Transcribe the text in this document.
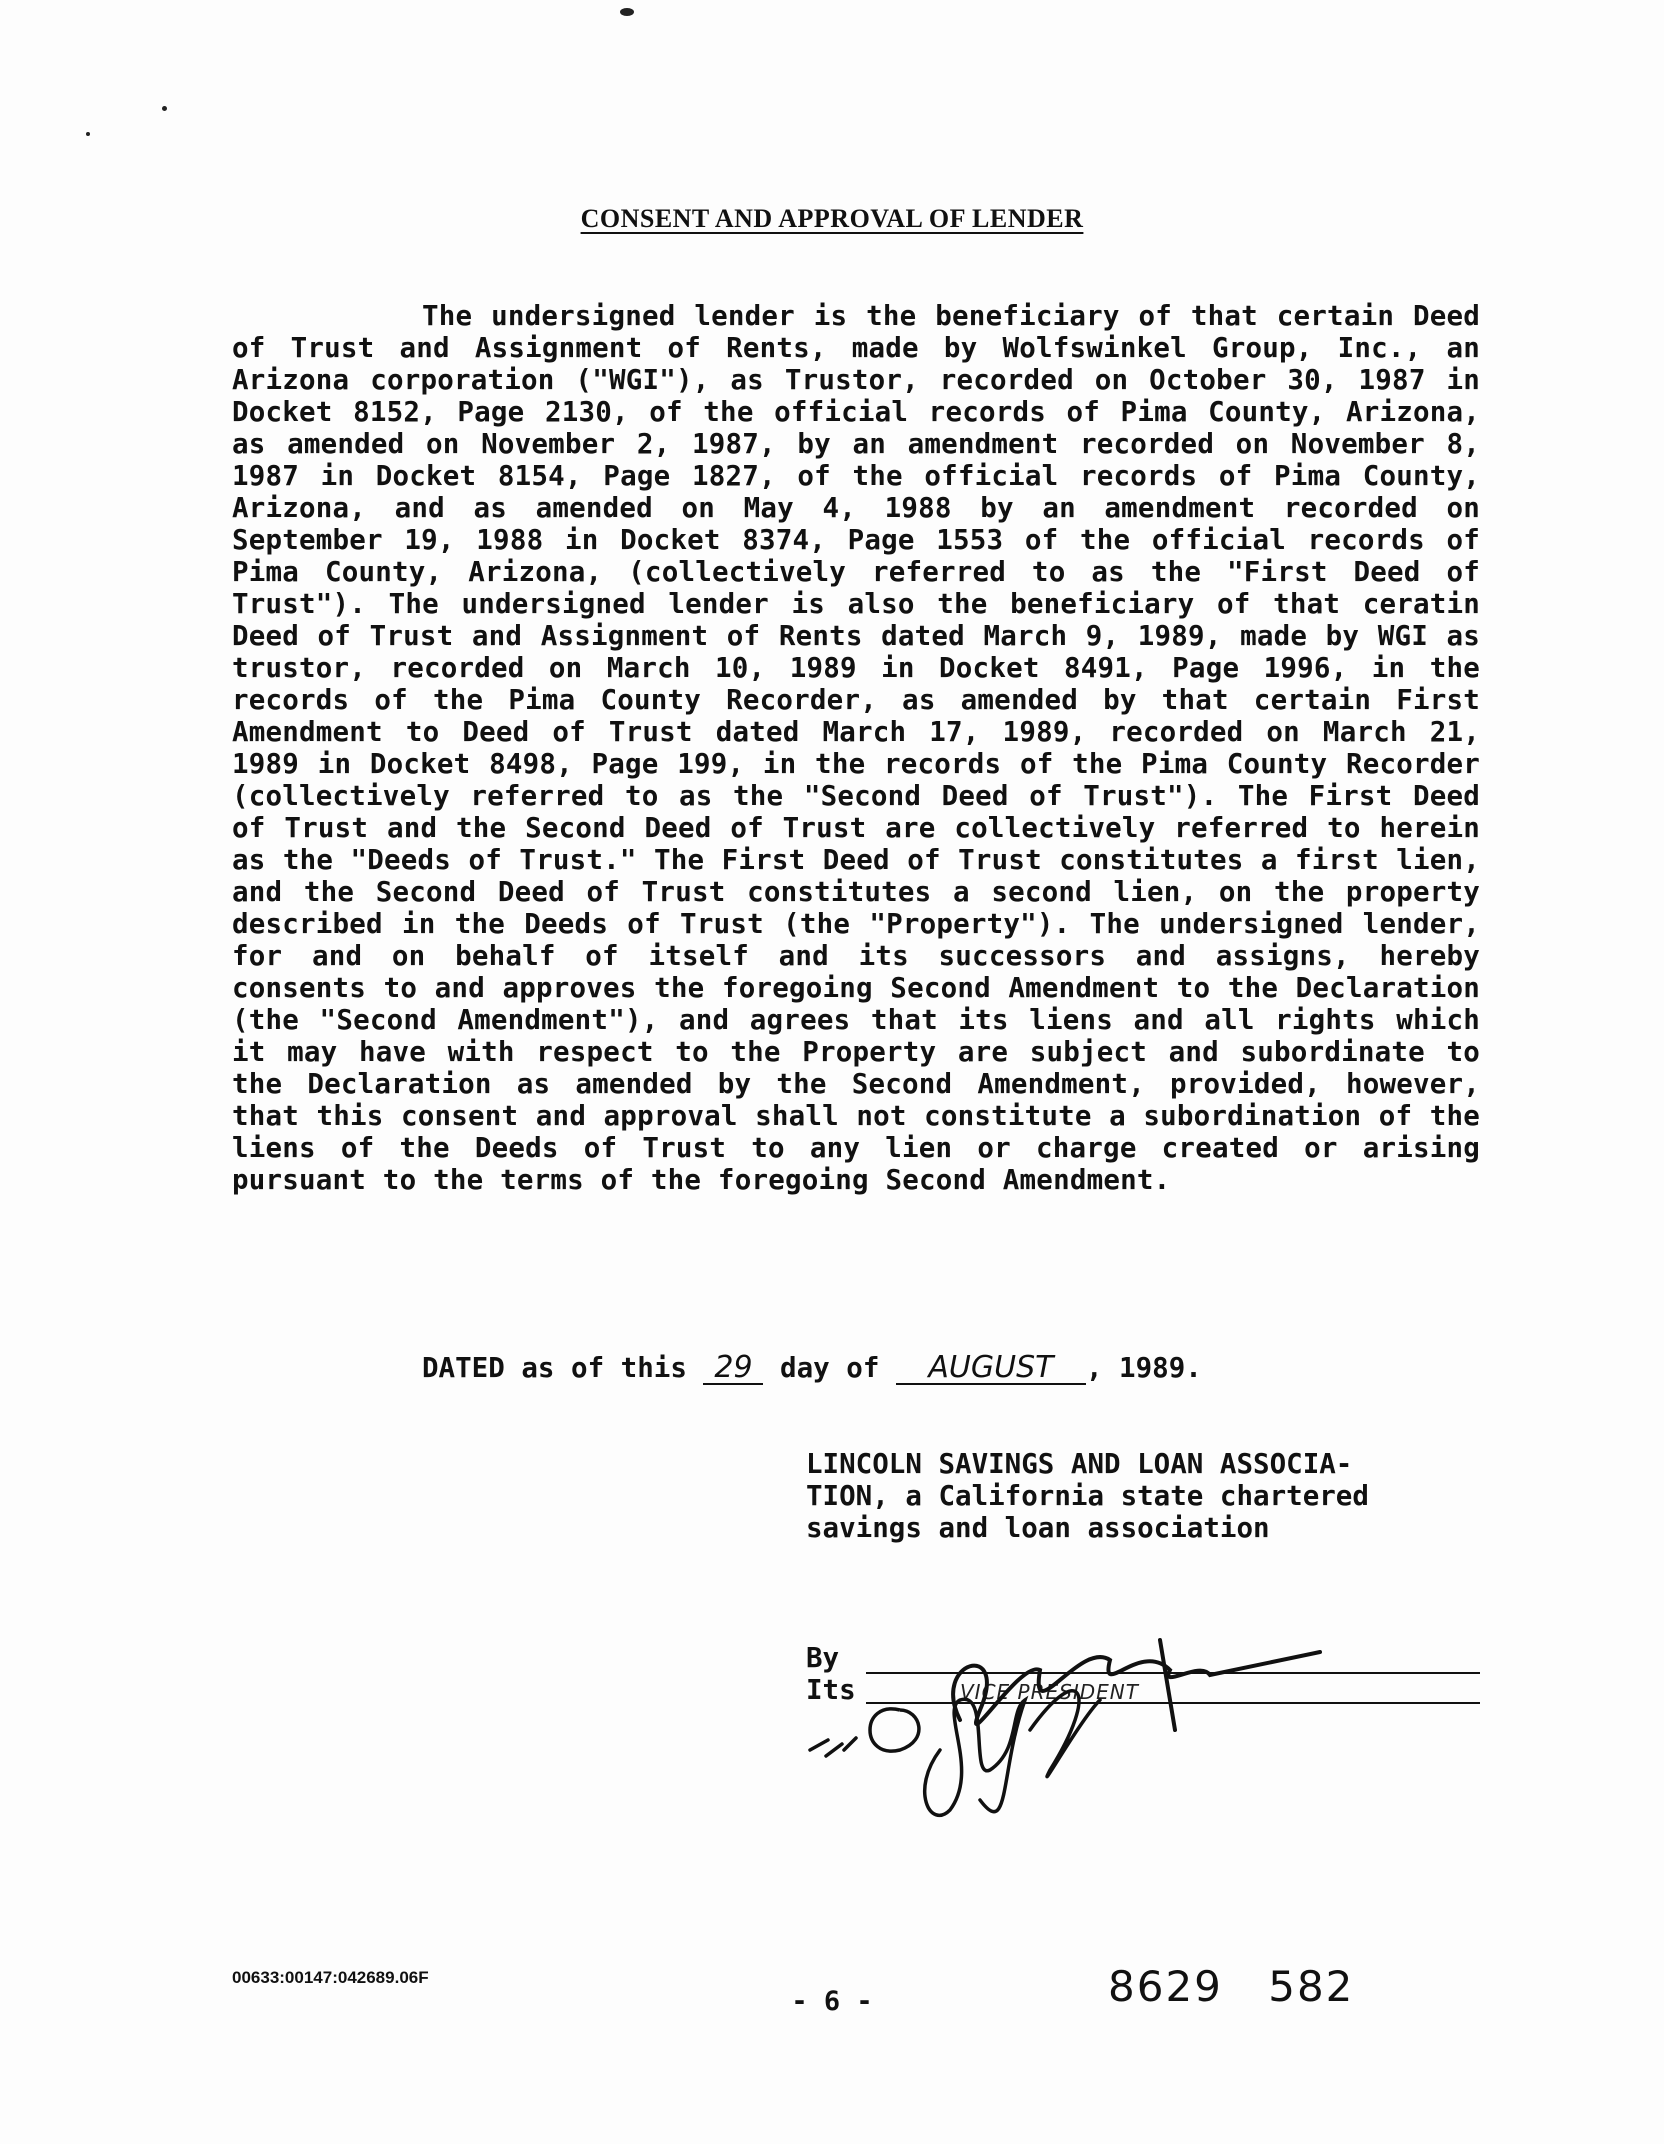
CONSENT AND APPROVAL OF LENDER
The undersigned lender is the beneficiary of that certain Deed of Trust and Assignment of Rents, made by Wolfswinkel Group, Inc., an Arizona corporation ("WGI"), as Trustor, recorded on October 30, 1987 in Docket 8152, Page 2130, of the official records of Pima County, Arizona, as amended on November 2, 1987, by an amendment recorded on November 8, 1987 in Docket 8154, Page 1827, of the official records of Pima County, Arizona, and as amended on May 4, 1988 by an amendment recorded on September 19, 1988 in Docket 8374, Page 1553 of the official records of Pima County, Arizona, (collectively referred to as the "First Deed of Trust"). The undersigned lender is also the beneficiary of that ceratin Deed of Trust and Assignment of Rents dated March 9, 1989, made by WGI as trustor, recorded on March 10, 1989 in Docket 8491, Page 1996, in the records of the Pima County Recorder, as amended by that certain First Amendment to Deed of Trust dated March 17, 1989, recorded on March 21, 1989 in Docket 8498, Page 199, in the records of the Pima County Recorder (collectively referred to as the "Second Deed of Trust"). The First Deed of Trust and the Second Deed of Trust are collectively referred to herein as the "Deeds of Trust." The First Deed of Trust constitutes a first lien, and the Second Deed of Trust constitutes a second lien, on the property described in the Deeds of Trust (the "Property"). The undersigned lender, for and on behalf of itself and its successors and assigns, hereby consents to and approves the foregoing Second Amendment to the Declaration (the "Second Amendment"), and agrees that its liens and all rights which it may have with respect to the Property are subject and subordinate to the Declaration as amended by the Second Amendment, provided, however, that this consent and approval shall not constitute a subordination of the liens of the Deeds of Trust to any lien or charge created or arising pursuant to the terms of the foregoing Second Amendment.
DATED as of this 29 day of AUGUST , 1989.
LINCOLN SAVINGS AND LOAN ASSOCIA-
TION, a California state chartered
savings and loan association
By
Its	VICE PRESIDENT
00633:00147:042689.06F
- 6 -	8629 582
